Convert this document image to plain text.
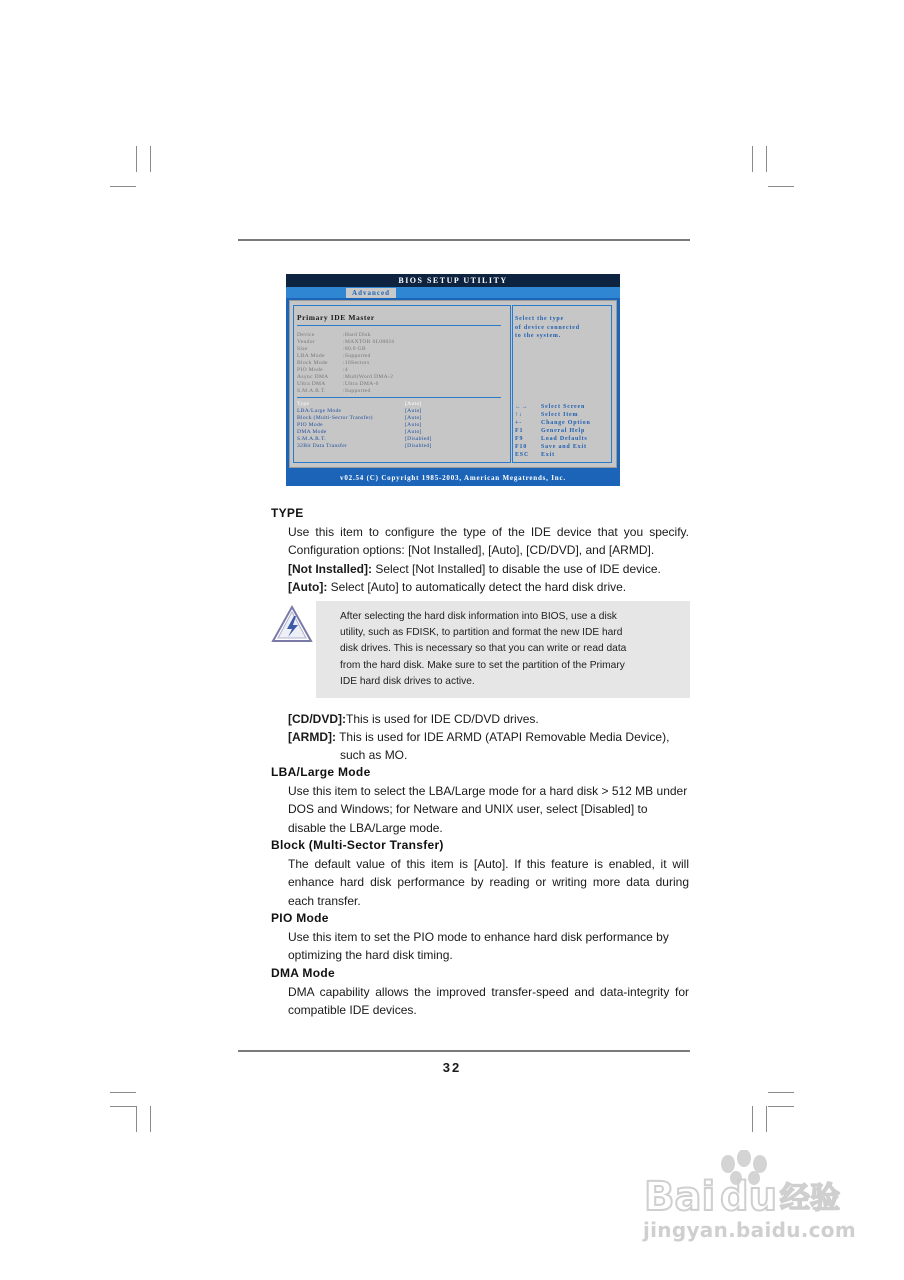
BIOS SETUP UTILITY
Advanced
Primary IDE Master
Device	:Hard Disk
Vendor	:MAXTOR 6L080J4
Size	:80.0 GB
LBA Mode	:Supported
Block Mode	:16Sectors
PIO Mode	:4
Async DMA	:MultiWord DMA-2
Ultra DMA	:Ultra DMA-6
S.M.A.R.T.	:Supported
Type	[Auto]
LBA/Large Mode	[Auto]
Block (Multi-Sector Transfer)	[Auto]
PIO Mode	[Auto]
DMA Mode	[Auto]
S.M.A.R.T.	[Disabled]
32Bit Data Transfer	[Disabled]
Select the type
of device connected
to the system.
←→ Select Screen
↑↓	Select Item
+-	Change Option
F1	General Help
F9	Load Defaults
F10 Save and Exit
ESC Exit
v02.54 (C) Copyright 1985-2003, American Megatrends, Inc.
TYPE
Use this item to configure the type of the IDE device that you specify.
Configuration options: [Not Installed], [Auto], [CD/DVD], and [ARMD].
[Not Installed]: Select [Not Installed] to disable the use of IDE device.
[Auto]: Select [Auto] to automatically detect the hard disk drive.
After selecting the hard disk information into BIOS, use a disk
utility, such as FDISK, to partition and format the new IDE hard
disk drives. This is necessary so that you can write or read data
from the hard disk. Make sure to set the partition of the Primary
IDE hard disk drives to active.
[CD/DVD]:This is used for IDE CD/DVD drives.
[ARMD]: This is used for IDE ARMD (ATAPI Removable Media Device),
such as MO.
LBA/Large Mode
Use this item to select the LBA/Large mode for a hard disk > 512 MB under
DOS and Windows; for Netware and UNIX user, select [Disabled] to
disable the LBA/Large mode.
Block (Multi-Sector Transfer)
The default value of this item is [Auto]. If this feature is enabled, it will
enhance hard disk performance by reading or writing more data during
each transfer.
PIO Mode
Use this item to set the PIO mode to enhance hard disk performance by
optimizing the hard disk timing.
DMA Mode
DMA capability allows the improved transfer-speed and data-integrity for
compatible IDE devices.
32
Bai du 经验
jingyan.baidu.com
